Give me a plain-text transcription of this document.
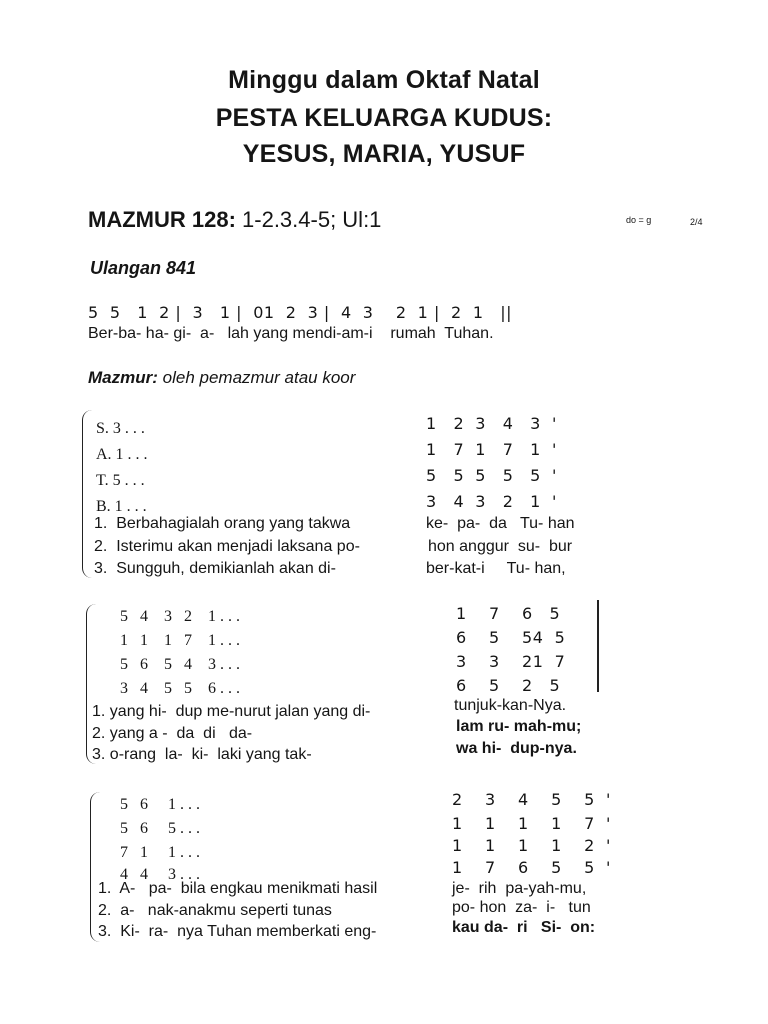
Minggu dalam Oktaf Natal
PESTA KELUARGA KUDUS:
YESUS, MARIA, YUSUF
MAZMUR 128: 1-2.3.4-5; Ul:1	do = g	2/4
Ulangan 841
5  5   1  2 |  3   1 |  01  2  3 |  4  3    2  1 |  2  1   ||
Ber-ba- ha- gi-  a-   lah yang mendi-am-i    rumah  Tuhan.
Mazmur: oleh pemazmur atau koor
S. 3 . . .
A. 1 . . .
T. 5 . . .
B. 1 . . .
1   2  3   4   3  '
1   7  1   7   1  '
5   5  5   5   5  '
3   4  3   2   1  '
1.  Berbahagialah orang yang takwa	ke-  pa-  da   Tu- han
2.  Isterimu akan menjadi laksana po-	hon anggur  su-  bur
3.  Sungguh, demikianlah akan di-	ber-kat-i     Tu- han,
5   4    3   2    1 . . .
1   1    1   7    1 . . .
5   6    5   4    3 . . .
3   4    5   5    6 . . .
1    7    6   5
6    5    54  5
3    3    21  7
6    5    2   5
1. yang hi-  dup me-nurut jalan yang di-	tunjuk-kan-Nya.
2. yang a -  da  di   da-	lam ru- mah-mu;
3. o-rang  la-  ki-  laki yang tak-	wa hi-  dup-nya.
5   6     1 . . .
5   6     5 . . .
7   1     1 . . .
4   4     3 . . .
2    3    4    5    5  '
1    1    1    1    7  '
1    1    1    1    2  '
1    7    6    5    5  '
1.  A-   pa-  bila engkau menikmati hasil	je-  rih  pa-yah-mu,
2.  a-   nak-anakmu seperti tunas	po- hon  za-  i-   tun
3.  Ki-  ra-  nya Tuhan memberkati eng-	kau da-  ri   Si-  on:
